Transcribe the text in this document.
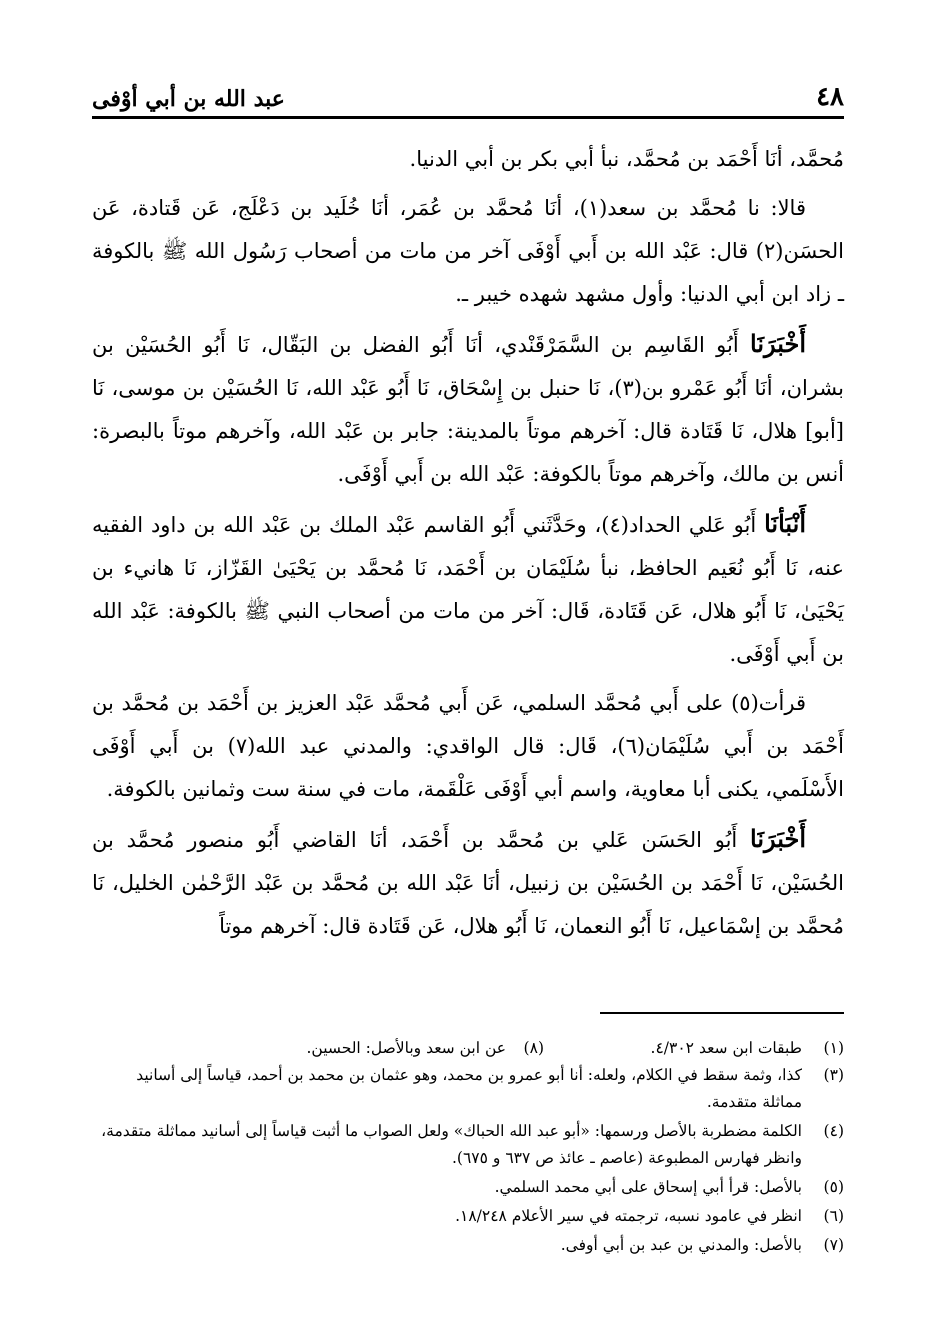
٤٨
عبد الله بن أبي أوْفى

مُحمَّد، أنَا أَحْمَد بن مُحمَّد، نبأ أبي بكر بن أبي الدنيا.

قالا: نا مُحمَّد بن سعد(١)، أنَا مُحمَّد بن عُمَر، أنَا خُلَيد بن دَعْلَج، عَن قَتادة، عَن الحسَن(٢) قال: عَبْد الله بن أَبي أَوْفَى آخر من مات من أصحاب رَسُول الله ﷺ بالكوفة ـ زاد ابن أبي الدنيا: وأول مشهد شهده خيبر ـ.

أَخْبَرَنَا أَبُو القَاسِم بن السَّمَرْقَنْدي، أنَا أَبُو الفضل بن البَقّال، نَا أَبُو الحُسَيْن بن بشران، أنَا أَبُو عَمْرو بن(٣)، نَا حنبل بن إِسْحَاق، نَا أَبُو عَبْد الله، نَا الحُسَيْن بن موسى، نَا [أبو] هلال، نَا قَتَادة قال: آخرهم موتاً بالمدينة: جابر بن عَبْد الله، وآخرهم موتاً بالبصرة: أنس بن مالك، وآخرهم موتاً بالكوفة: عَبْد الله بن أَبي أَوْفَى.

أَنْبَأنَا أَبُو عَلي الحداد(٤)، وحَدَّثَني أَبُو القاسم عَبْد الملك بن عَبْد الله بن داود الفقيه عنه، نَا أَبُو نُعَيم الحافظ، نبأ سُلَيْمَان بن أَحْمَد، نَا مُحمَّد بن يَحْيَىٰ القَزّاز، نَا هانيء بن يَحْيَىٰ، نَا أَبُو هلال، عَن قَتَادة، قَال: آخر من مات من أصحاب النبي ﷺ بالكوفة: عَبْد الله بن أَبي أَوْفَى.

قرأت(٥) على أَبي مُحمَّد السلمي، عَن أَبي مُحمَّد عَبْد العزيز بن أَحْمَد بن مُحمَّد بن أَحْمَد بن أَبي سُلَيْمَان(٦)، قَال: قال الواقدي: والمدني عبد الله(٧) بن أَبي أَوْفَى الأَسْلَمي، يكنى أبا معاوية، واسم أبي أَوْفَى عَلْقَمة، مات في سنة ست وثمانين بالكوفة.

أَخْبَرَنَا أَبُو الحَسَن عَلي بن مُحمَّد بن أَحْمَد، أنَا القاضي أَبُو منصور مُحمَّد بن الحُسَيْن، نَا أَحْمَد بن الحُسَيْن بن زنبيل، أنَا عَبْد الله بن مُحمَّد بن عَبْد الرَّحْمٰن الخليل، نَا مُحمَّد بن إسْمَاعيل، نَا أَبُو النعمان، نَا أَبُو هلال، عَن قَتَادة قال: آخرهم موتاً

(١)
طبقات ابن سعد ٤/٣٠٢.
(٨)
عن ابن سعد وبالأصل: الحسين.
(٣)
كذا، وثمة سقط في الكلام، ولعله: أنا أبو عمرو بن محمد، وهو عثمان بن محمد بن أحمد، قياساً إلى أسانيد مماثلة متقدمة.
(٤)
الكلمة مضطربة بالأصل ورسمها: «أبو عبد الله الحباك» ولعل الصواب ما أثبت قياساً إلى أسانيد مماثلة متقدمة، وانظر فهارس المطبوعة (عاصم ـ عائذ ص ٦٣٧ و ٦٧٥).
(٥)
بالأصل: قرأ أبي إسحاق على أبي محمد السلمي.
(٦)
انظر في عامود نسبه، ترجمته في سير الأعلام ١٨/٢٤٨.
(٧)
بالأصل: والمدني بن عبد بن أبي أوفى.
